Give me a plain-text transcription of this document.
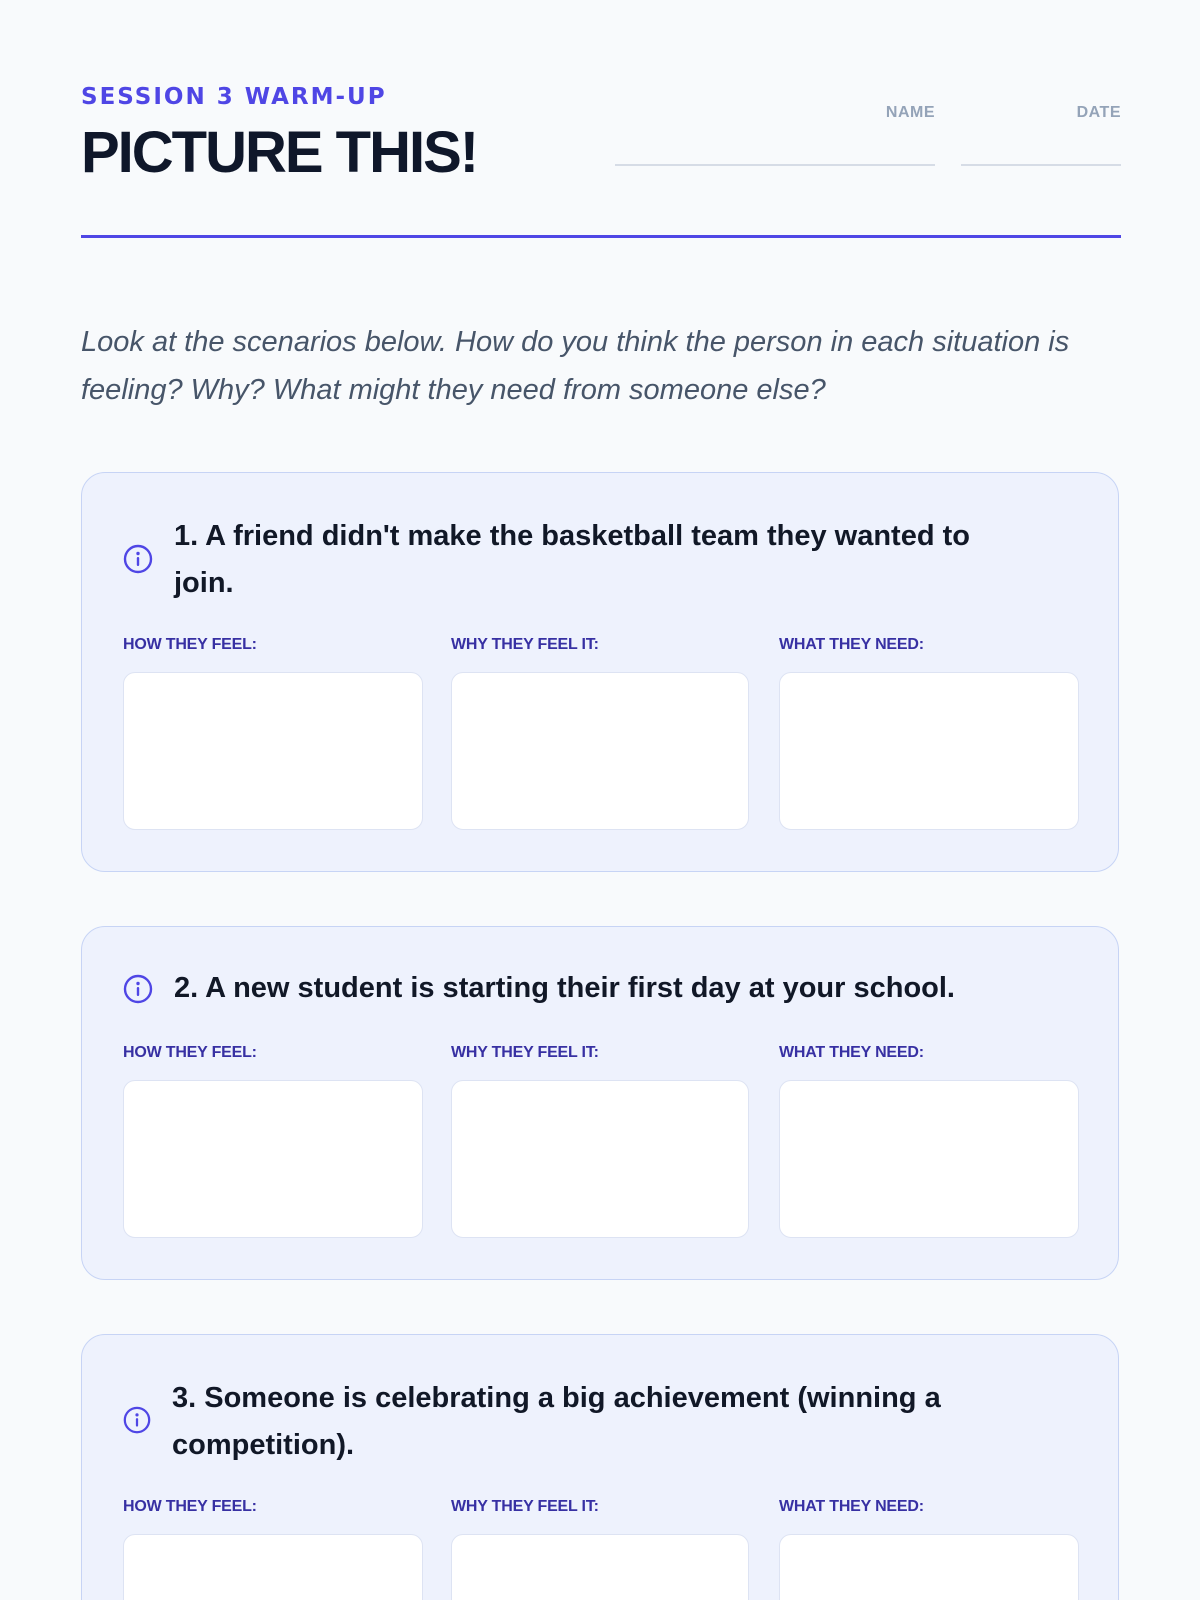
SESSION 3 WARM-UP
PICTURE THIS!
NAME	DATE
Look at the scenarios below. How do you think the person in each situation is feeling? Why? What might they need from someone else?
1. A friend didn't make the basketball team they wanted to join.
HOW THEY FEEL:	WHY THEY FEEL IT:	WHAT THEY NEED:
2. A new student is starting their first day at your school.
HOW THEY FEEL:	WHY THEY FEEL IT:	WHAT THEY NEED:
3. Someone is celebrating a big achievement (winning a competition).
HOW THEY FEEL:	WHY THEY FEEL IT:	WHAT THEY NEED:
